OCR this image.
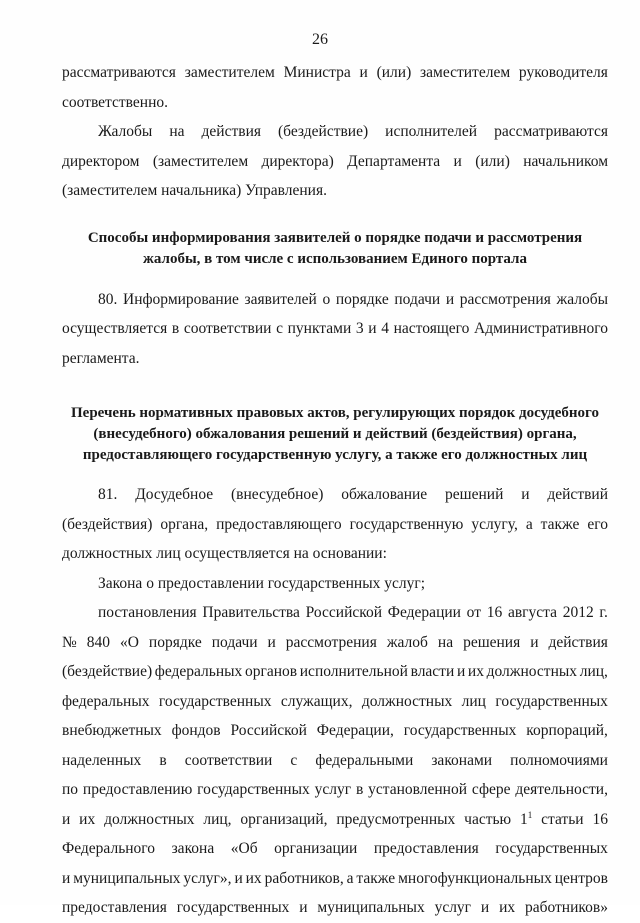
26
рассматриваются заместителем Министра и (или) заместителем руководителя
соответственно.
Жалобы на действия (бездействие) исполнителей рассматриваются
директором (заместителем директора) Департамента и (или) начальником
(заместителем начальника) Управления.
Способы информирования заявителей о порядке подачи и рассмотрения
жалобы, в том числе с использованием Единого портала
80. Информирование заявителей о порядке подачи и рассмотрения жалобы
осуществляется в соответствии с пунктами 3 и 4 настоящего Административного
регламента.
Перечень нормативных правовых актов, регулирующих порядок досудебного
(внесудебного) обжалования решений и действий (бездействия) органа,
предоставляющего государственную услугу, а также его должностных лиц
81. Досудебное (внесудебное) обжалование решений и действий
(бездействия) органа, предоставляющего государственную услугу, а также его
должностных лиц осуществляется на основании:
Закона о предоставлении государственных услуг;
постановления Правительства Российской Федерации от 16 августа 2012 г.
№ 840 «О порядке подачи и рассмотрения жалоб на решения и действия
(бездействие) федеральных органов исполнительной власти и их должностных лиц,
федеральных государственных служащих, должностных лиц государственных
внебюджетных фондов Российской Федерации, государственных корпораций,
наделенных в соответствии с федеральными законами полномочиями
по предоставлению государственных услуг в установленной сфере деятельности,
и их должностных лиц, организаций, предусмотренных частью $1^1$ статьи 16
Федерального закона «Об организации предоставления государственных
и муниципальных услуг», и их работников, а также многофункциональных центров
предоставления государственных и муниципальных услуг и их работников»
